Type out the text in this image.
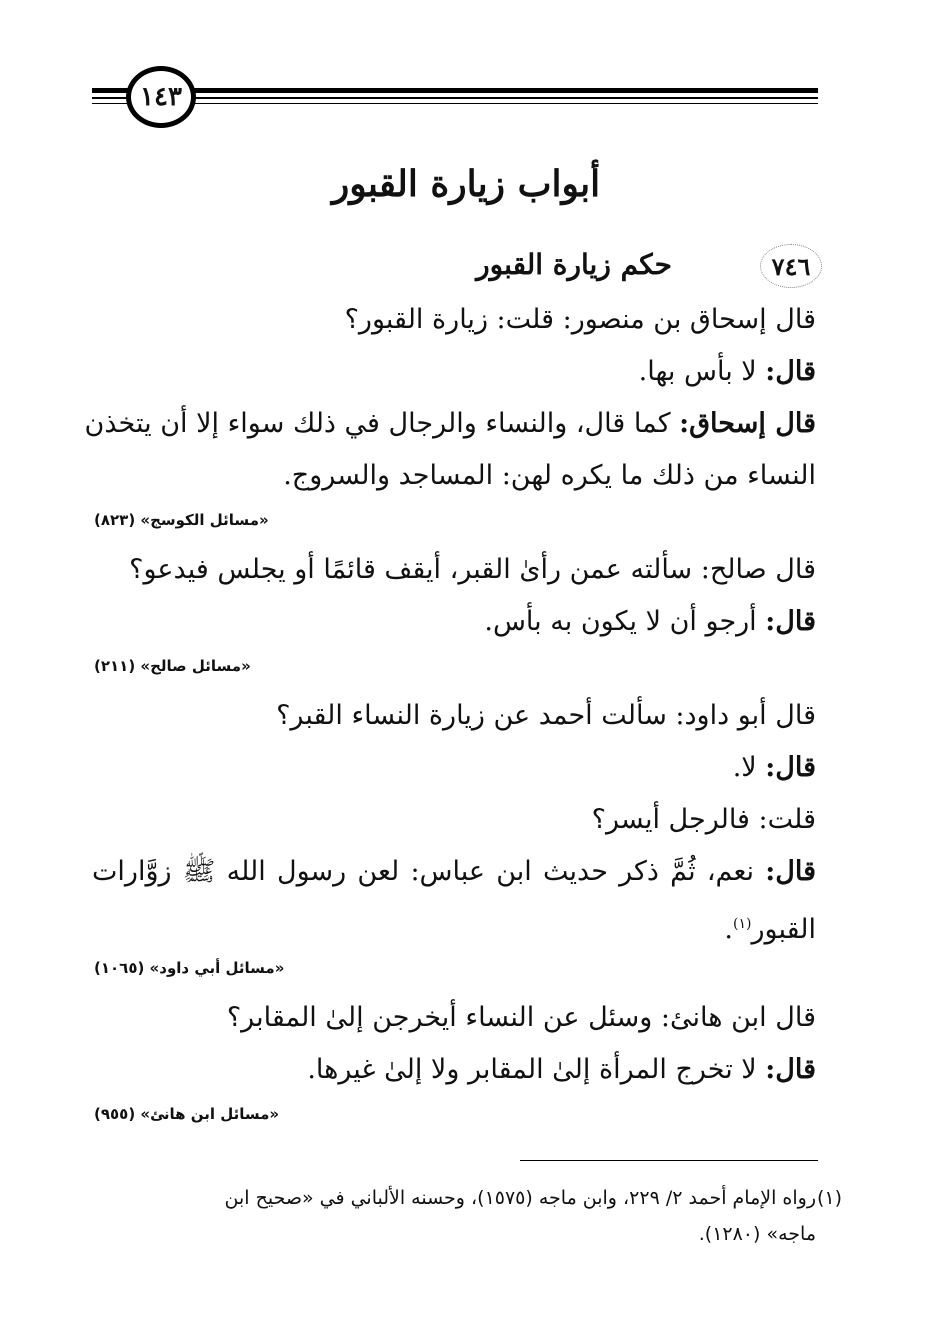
١٤٣
أبواب زيارة القبور
٧٤٦
حكم زيارة القبور
قال إسحاق بن منصور: قلت: زيارة القبور؟
قال: لا بأس بها.
قال إسحاق: كما قال، والنساء والرجال في ذلك سواء إلا أن يتخذن
النساء من ذلك ما يكره لهن: المساجد والسروج.
«مسائل الكوسج» (٨٢٣)
قال صالح: سألته عمن رأىٰ القبر، أيقف قائمًا أو يجلس فيدعو؟
قال: أرجو أن لا يكون به بأس.
«مسائل صالح» (٢١١)
قال أبو داود: سألت أحمد عن زيارة النساء القبر؟
قال: لا.
قلت: فالرجل أيسر؟
قال: نعم، ثُمَّ ذكر حديث ابن عباس: لعن رسول الله ﷺ زوَّارات
القبور$^{(١)}$.
«مسائل أبي داود» (١٠٦٥)
قال ابن هانئ: وسئل عن النساء أيخرجن إلىٰ المقابر؟
قال: لا تخرج المرأة إلىٰ المقابر ولا إلىٰ غيرها.
«مسائل ابن هانئ» (٩٥٥)
(١)
رواه الإمام أحمد ٢/ ٢٢٩، وابن ماجه (١٥٧٥)، وحسنه الألباني في «صحيح ابن
ماجه» (١٢٨٠).
